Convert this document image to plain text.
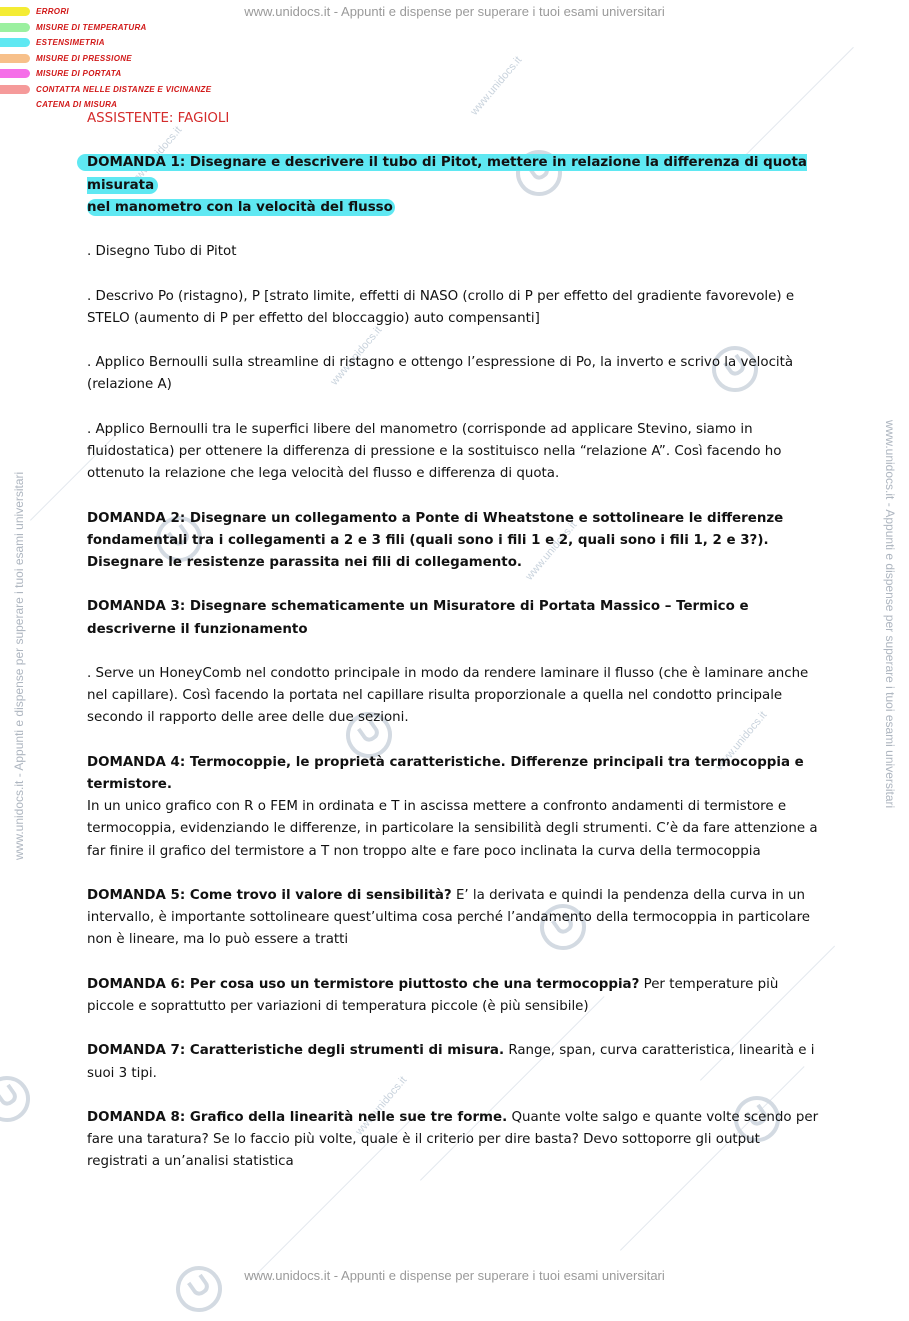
www.unidocs.it
www.unidocs.it
www.unidocs.it
www.unidocs.it
www.unidocs.it
www.unidocs.it - Appunti e dispense per superare i tuoi esami universitari
www.unidocs.it - Appunti e dispense per superare i tuoi esami universitari
www.unidocs.it - Appunti e dispense per superare i tuoi esami universitari	www.unidocs.it - Appunti e dispense per superare i tuoi esami universitari
ERRORI
MISURE DI TEMPERATURA
ESTENSIMETRIA
MISURE DI PRESSIONE
MISURE DI PORTATA
CONTATTA NELLE DISTANZE E VICINANZE
CATENA DI MISURA

ASSISTENTE: FAGIOLI

DOMANDA 1: Disegnare e descrivere il tubo di Pitot, mettere in relazione la differenza di quota misurata
nel manometro con la velocità del flusso

. Disegno Tubo di Pitot

. Descrivo Po (ristagno), P [strato limite, effetti di NASO (crollo di P per effetto del gradiente favorevole) e STELO (aumento di P per effetto del bloccaggio) auto compensanti]

. Applico Bernoulli sulla streamline di ristagno e ottengo l’espressione di Po, la inverto e scrivo la velocità (relazione A)

. Applico Bernoulli tra le superfici libere del manometro (corrisponde ad applicare Stevino, siamo in fluidostatica) per ottenere la differenza di pressione e la sostituisco nella “relazione A”. Così facendo ho ottenuto la relazione che lega velocità del flusso e differenza di quota.

DOMANDA 2: Disegnare un collegamento a Ponte di Wheatstone e sottolineare le differenze fondamentali tra i collegamenti a 2 e 3 fili (quali sono i fili 1 e 2, quali sono i fili 1, 2 e 3?). Disegnare le resistenze parassita nei fili di collegamento.

DOMANDA 3: Disegnare schematicamente un Misuratore di Portata Massico – Termico e descriverne il funzionamento

. Serve un HoneyComb nel condotto principale in modo da rendere laminare il flusso (che è laminare anche nel capillare). Così facendo la portata nel capillare risulta proporzionale a quella nel condotto principale secondo il rapporto delle aree delle due sezioni.

DOMANDA 4: Termocoppie, le proprietà caratteristiche. Differenze principali tra termocoppia e termistore.
In un unico grafico con R o FEM in ordinata e T in ascissa mettere a confronto andamenti di termistore e termocoppia, evidenziando le differenze, in particolare la sensibilità degli strumenti. C’è da fare attenzione a far finire il grafico del termistore a T non troppo alte e fare poco inclinata la curva della termocoppia

DOMANDA 5: Come trovo il valore di sensibilità? E’ la derivata e quindi la pendenza della curva in un intervallo, è importante sottolineare quest’ultima cosa perché l’andamento della termocoppia in particolare non è lineare, ma lo può essere a tratti

DOMANDA 6: Per cosa uso un termistore piuttosto che una termocoppia? Per temperature più piccole e soprattutto per variazioni di temperatura piccole (è più sensibile)

DOMANDA 7: Caratteristiche degli strumenti di misura. Range, span, curva caratteristica, linearità e i suoi 3 tipi.

DOMANDA 8: Grafico della linearità nelle sue tre forme. Quante volte salgo e quante volte scendo per fare una taratura? Se lo faccio più volte, quale è il criterio per dire basta? Devo sottoporre gli output registrati a un’analisi statistica
